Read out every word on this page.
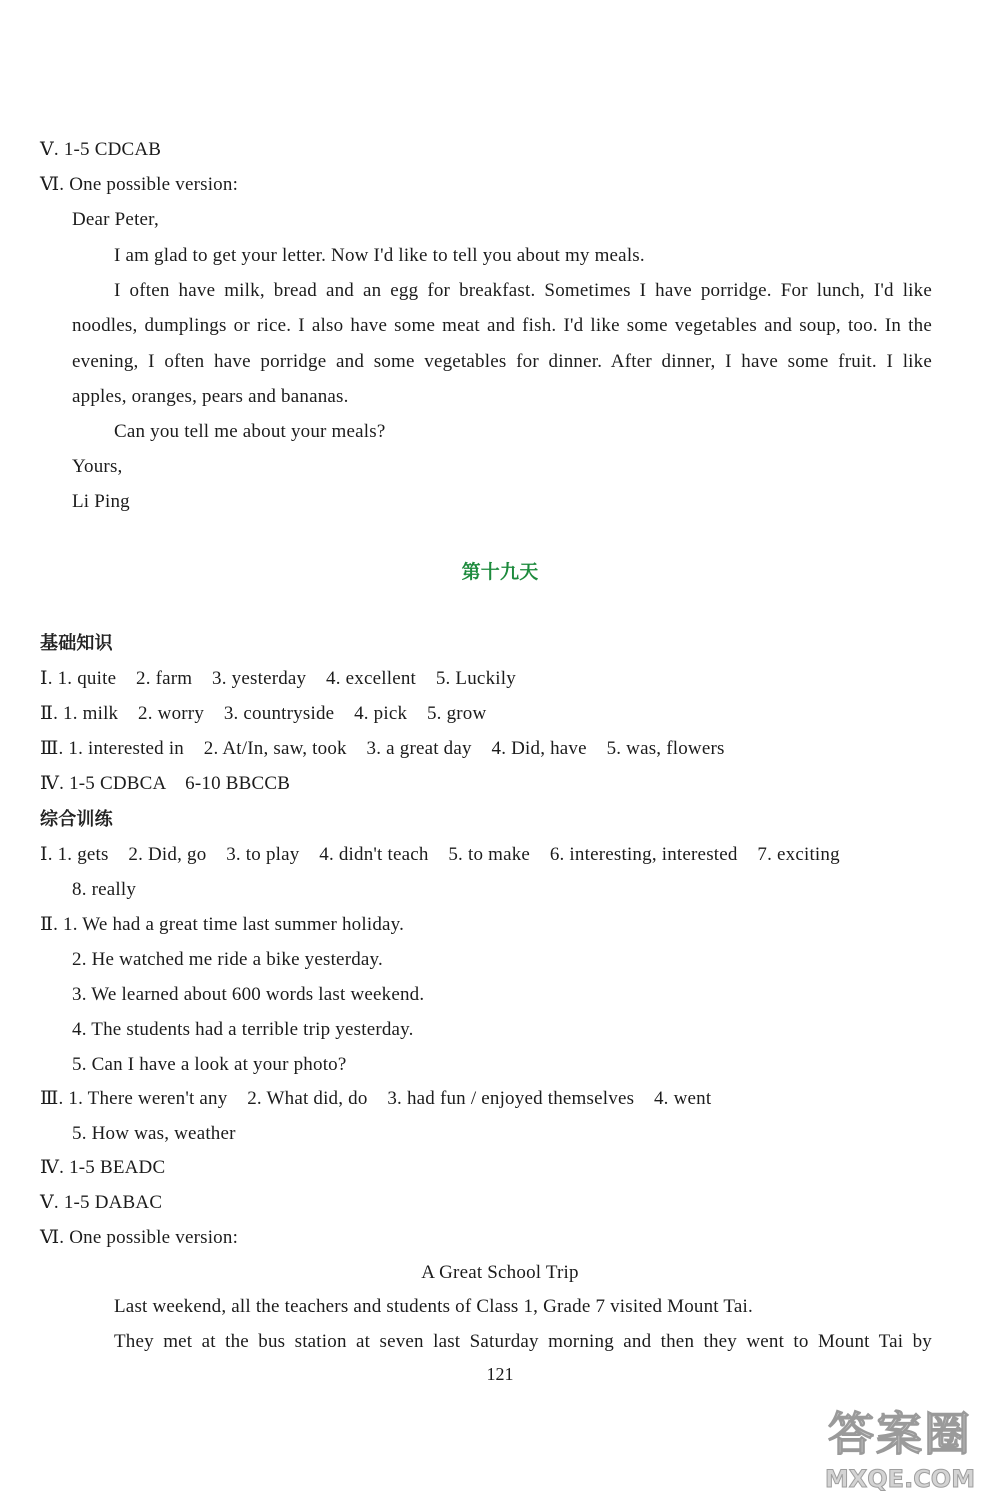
Ⅴ. 1-5 CDCAB
Ⅵ. One possible version:
Dear Peter,
I am glad to get your letter. Now I'd like to tell you about my meals.
I often have milk, bread and an egg for breakfast. Sometimes I have porridge. For lunch, I'd like
noodles, dumplings or rice. I also have some meat and fish. I'd like some vegetables and soup, too. In the
evening, I often have porridge and some vegetables for dinner. After dinner, I have some fruit. I like
apples, oranges, pears and bananas.
Can you tell me about your meals?
Yours,
Li Ping
第十九天
基础知识
Ⅰ. 1. quite    2. farm    3. yesterday    4. excellent    5. Luckily
Ⅱ. 1. milk    2. worry    3. countryside    4. pick    5. grow
Ⅲ. 1. interested in    2. At/In, saw, took    3. a great day    4. Did, have    5. was, flowers
Ⅳ. 1-5 CDBCA    6-10 BBCCB
综合训练
Ⅰ. 1. gets    2. Did, go    3. to play    4. didn't teach    5. to make    6. interesting, interested    7. exciting
8. really
Ⅱ. 1. We had a great time last summer holiday.
2. He watched me ride a bike yesterday.
3. We learned about 600 words last weekend.
4. The students had a terrible trip yesterday.
5. Can I have a look at your photo?
Ⅲ. 1. There weren't any    2. What did, do    3. had fun / enjoyed themselves    4. went
5. How was, weather
Ⅳ. 1-5 BEADC
Ⅴ. 1-5 DABAC
Ⅵ. One possible version:
A Great School Trip
Last weekend, all the teachers and students of Class 1, Grade 7 visited Mount Tai.
They met at the bus station at seven last Saturday morning and then they went to Mount Tai by
121
答案圈
MXQE.COM
